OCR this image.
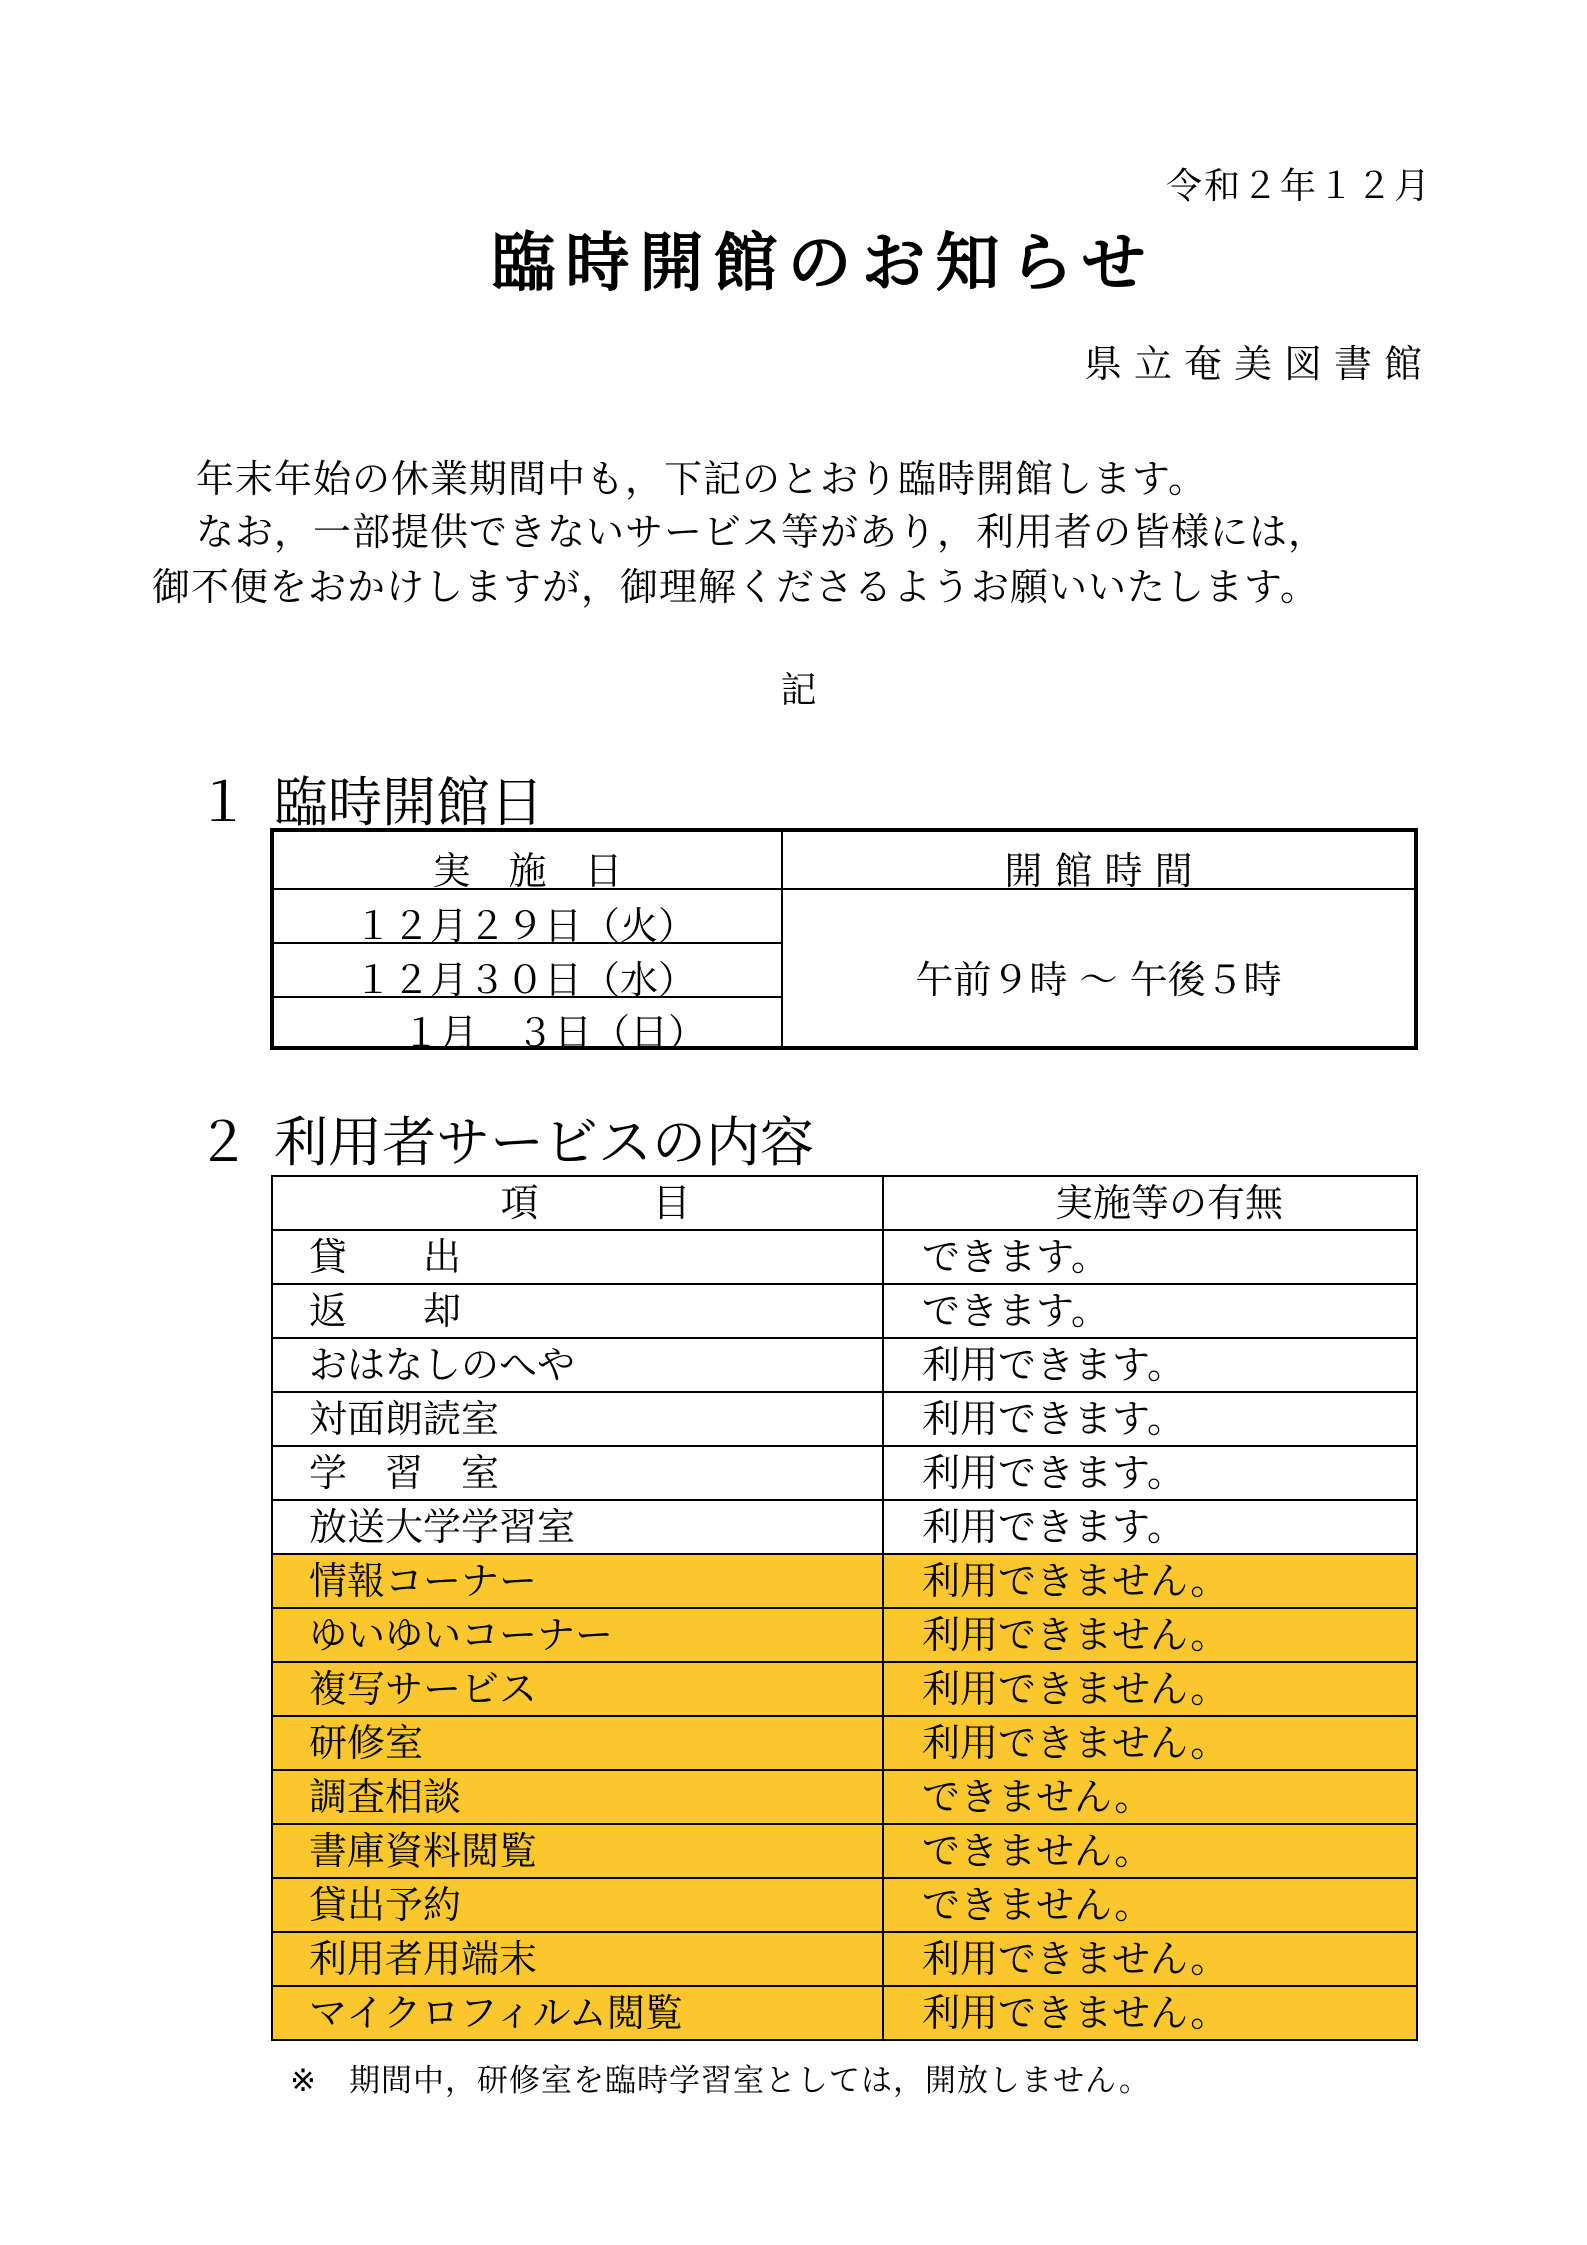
令和２年１２月
臨時開館のお知らせ
県立奄美図書館
年末年始の休業期間中も，下記のとおり臨時開館します。
なお，一部提供できないサービス等があり，利用者の皆様には，
御不便をおかけしますが，御理解くださるようお願いいたします。
記
１ 臨時開館日
実　施　日	開 館 時 間
１２月２９日（火）
１２月３０日（水）
１月　３日（日）
午前９時 ～ 午後５時
２ 利用者サービスの内容
項　　　目	実施等の有無
貸　　出	できます。
返　　却	できます。
おはなしのへや	利用できます。
対面朗読室	利用できます。
学　習　室	利用できます。
放送大学学習室	利用できます。
情報コーナー	利用できません。
ゆいゆいコーナー	利用できません。
複写サービス	利用できません。
研修室	利用できません。
調査相談	できません。
書庫資料閲覧	できません。
貸出予約	できません。
利用者用端末	利用できません。
マイクロフィルム閲覧	利用できません。
※　期間中，研修室を臨時学習室としては，開放しません。
